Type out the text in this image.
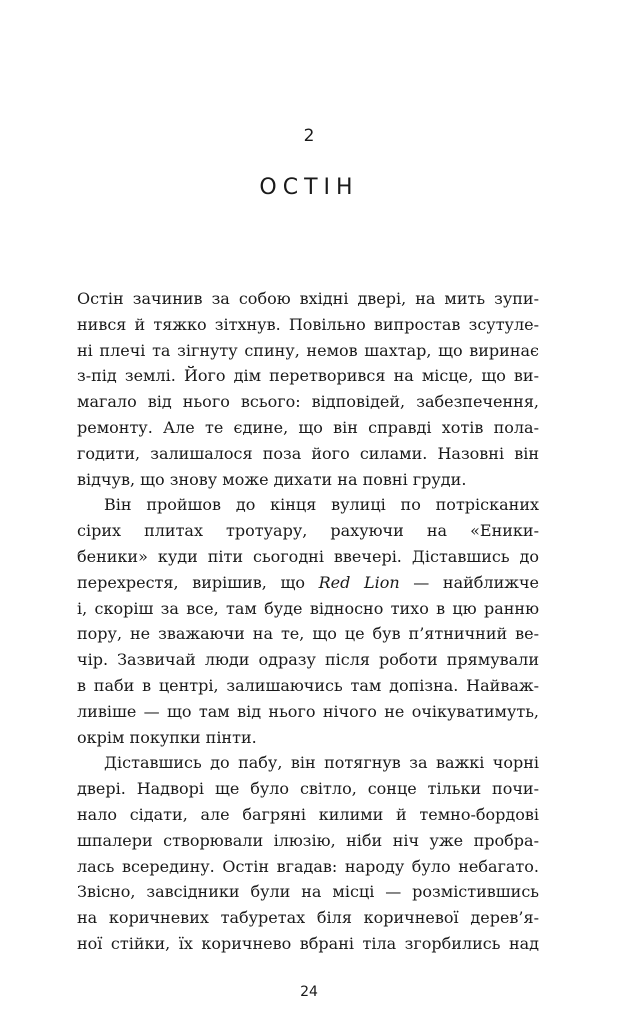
2
ОСТІН
Остін зачинив за собою вхідні двері, на мить зупи-
нився й тяжко зітхнув. Повільно випростав зсутуле-
ні плечі та зігнуту спину, немов шахтар, що виринає
з-під землі. Його дім перетворився на місце, що ви-
магало від нього всього: відповідей, забезпечення,
ремонту. Але те єдине, що він справді хотів пола-
годити, залишалося поза його силами. Назовні він
відчув, що знову може дихати на повні груди.
Він пройшов до кінця вулиці по потрісканих
сірих плитах тротуару, рахуючи на «Еники-
беники» куди піти сьогодні ввечері. Діставшись до
перехрестя, вирішив, що Red Lion — найближче
і, скоріш за все, там буде відносно тихо в цю ранню
пору, не зважаючи на те, що це був п’ятничний ве-
чір. Зазвичай люди одразу після роботи прямували
в паби в центрі, залишаючись там допізна. Найваж-
ливіше — що там від нього нічого не очікуватимуть,
окрім покупки пінти.
Діставшись до пабу, він потягнув за важкі чорні
двері. Надворі ще було світло, сонце тільки почи-
нало сідати, але багряні килими й темно-бордові
шпалери створювали ілюзію, ніби ніч уже пробра-
лась всередину. Остін вгадав: народу було небагато.
Звісно, завсідники були на місці — розмістившись
на коричневих табуретах біля коричневої дерев’я-
ної стійки, їх коричнево вбрані тіла згорбились над
24
